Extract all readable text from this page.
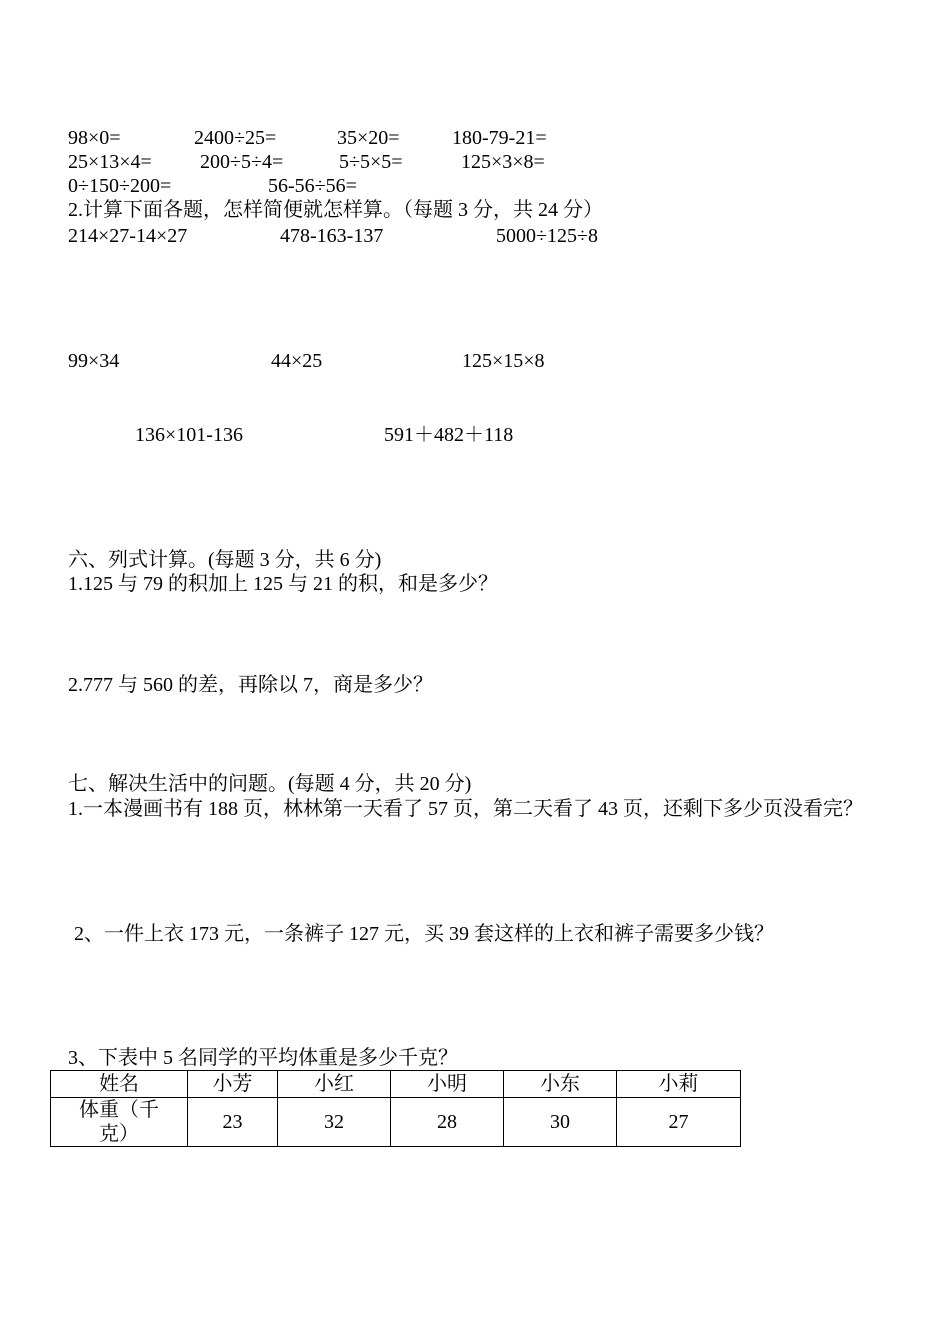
98×0=	2400÷25=	35×20=	180-79-21=
25×13×4= 200÷5÷4=	5÷5×5=	125×3×8=
0÷150÷200=	56-56÷56=
2.计算下面各题，怎样简便就怎样算。（每题 3 分，共 24 分）
214×27-14×27	478-163-137	5000÷125÷8
99×34	44×25	125×15×8
136×101-136	591＋482＋118
六、列式计算。(每题 3 分，共 6 分)
1.125 与 79 的积加上 125 与 21 的积，和是多少？
2.777 与 560 的差，再除以 7，商是多少？
七、解决生活中的问题。(每题 4 分，共 20 分)
1.一本漫画书有 188 页，林林第一天看了 57 页，第二天看了 43 页，还剩下多少页没看完？
2、一件上衣 173 元，一条裤子 127 元，买 39 套这样的上衣和裤子需要多少钱？
3、下表中 5 名同学的平均体重是多少千克？
姓名	小芳	小红	小明	小东	小莉
体重（千克）	23	32	28	30	27
